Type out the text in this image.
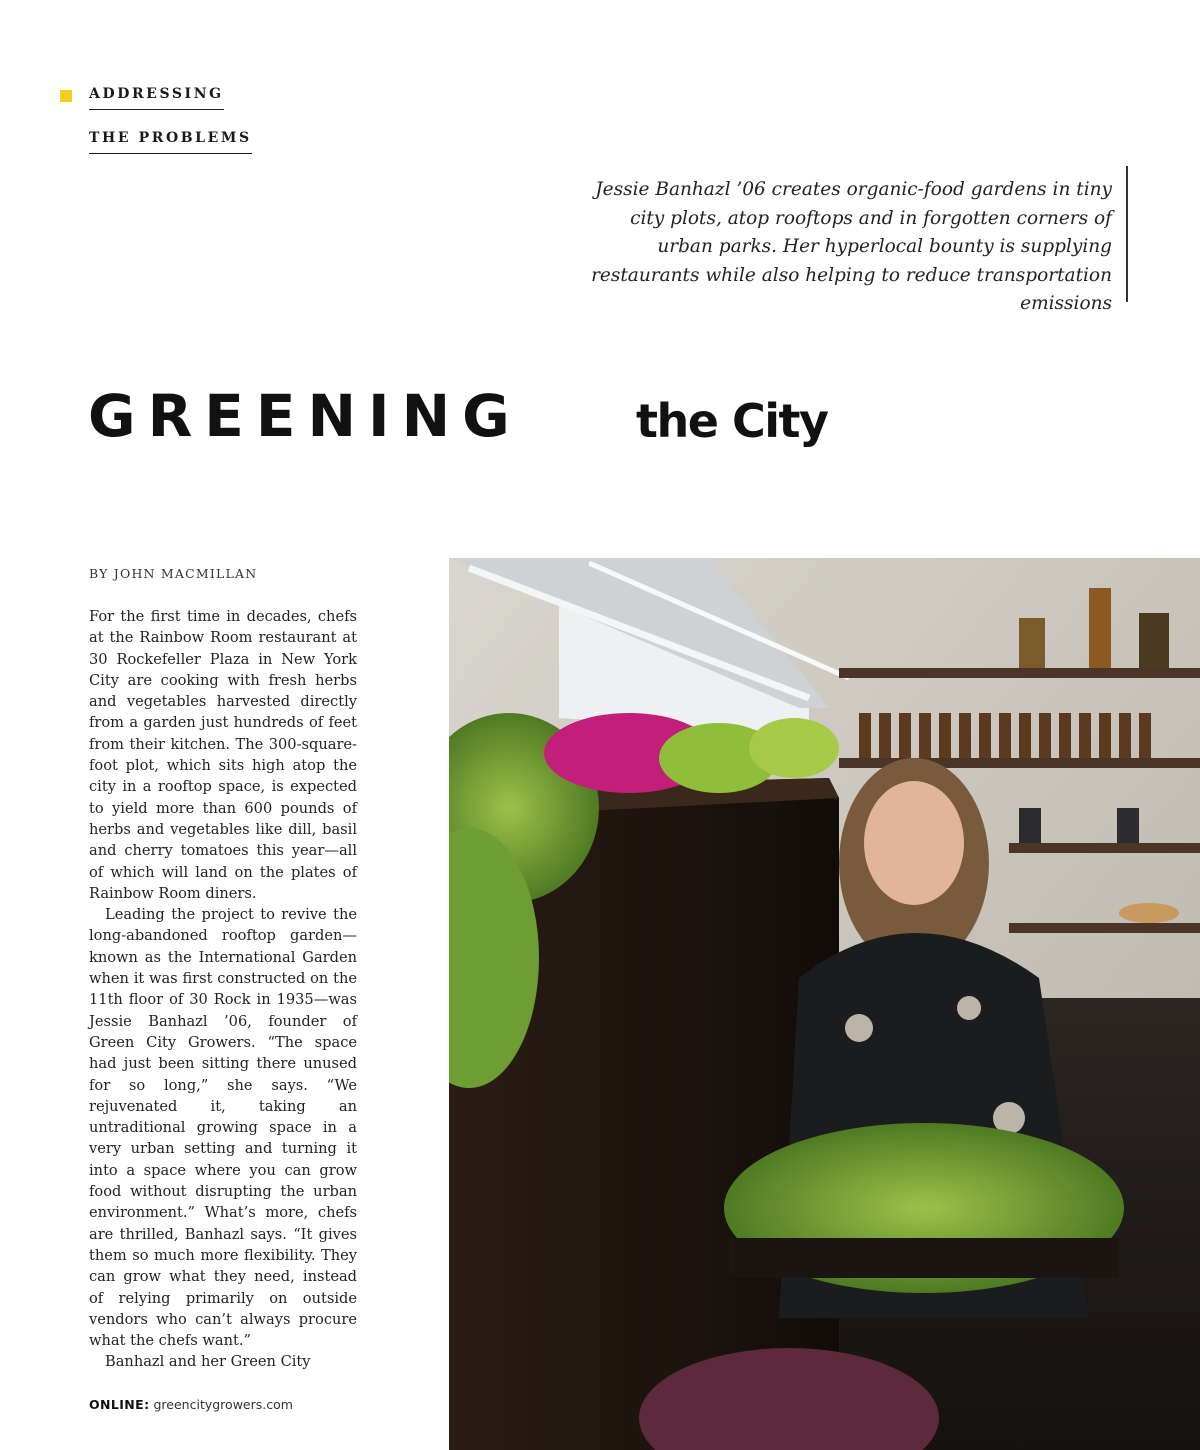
ADDRESSING
THE PROBLEMS
Jessie Banhazl ’06 creates organic-food gardens in tiny city plots, atop rooftops and in forgotten corners of urban parks. Her hyperlocal bounty is supplying restaurants while also helping to reduce transportation emissions
GREENING the City
BY JOHN MACMILLAN

For the first time in decades, chefs at the Rainbow Room restaurant at 30 Rockefeller Plaza in New York City are cooking with fresh herbs and vegetables harvested directly from a garden just hundreds of feet from their kitchen. The 300-square-foot plot, which sits high atop the city in a rooftop space, is expected to yield more than 600 pounds of herbs and vegetables like dill, basil and cherry tomatoes this year—all of which will land on the plates of Rainbow Room diners.

Leading the project to revive the long-abandoned rooftop garden—known as the International Garden when it was first constructed on the 11th floor of 30 Rock in 1935—was Jessie Banhazl ’06, founder of Green City Growers. “The space had just been sitting there unused for so long,” she says. “We rejuvenated it, taking an untraditional growing space in a very urban setting and turning it into a space where you can grow food without disrupting the urban environment.” What’s more, chefs are thrilled, Banhazl says. “It gives them so much more flexibility. They can grow what they need, instead of relying primarily on outside vendors who can’t always procure what the chefs want.”

Banhazl and her Green City

ONLINE: greencitygrowers.com
